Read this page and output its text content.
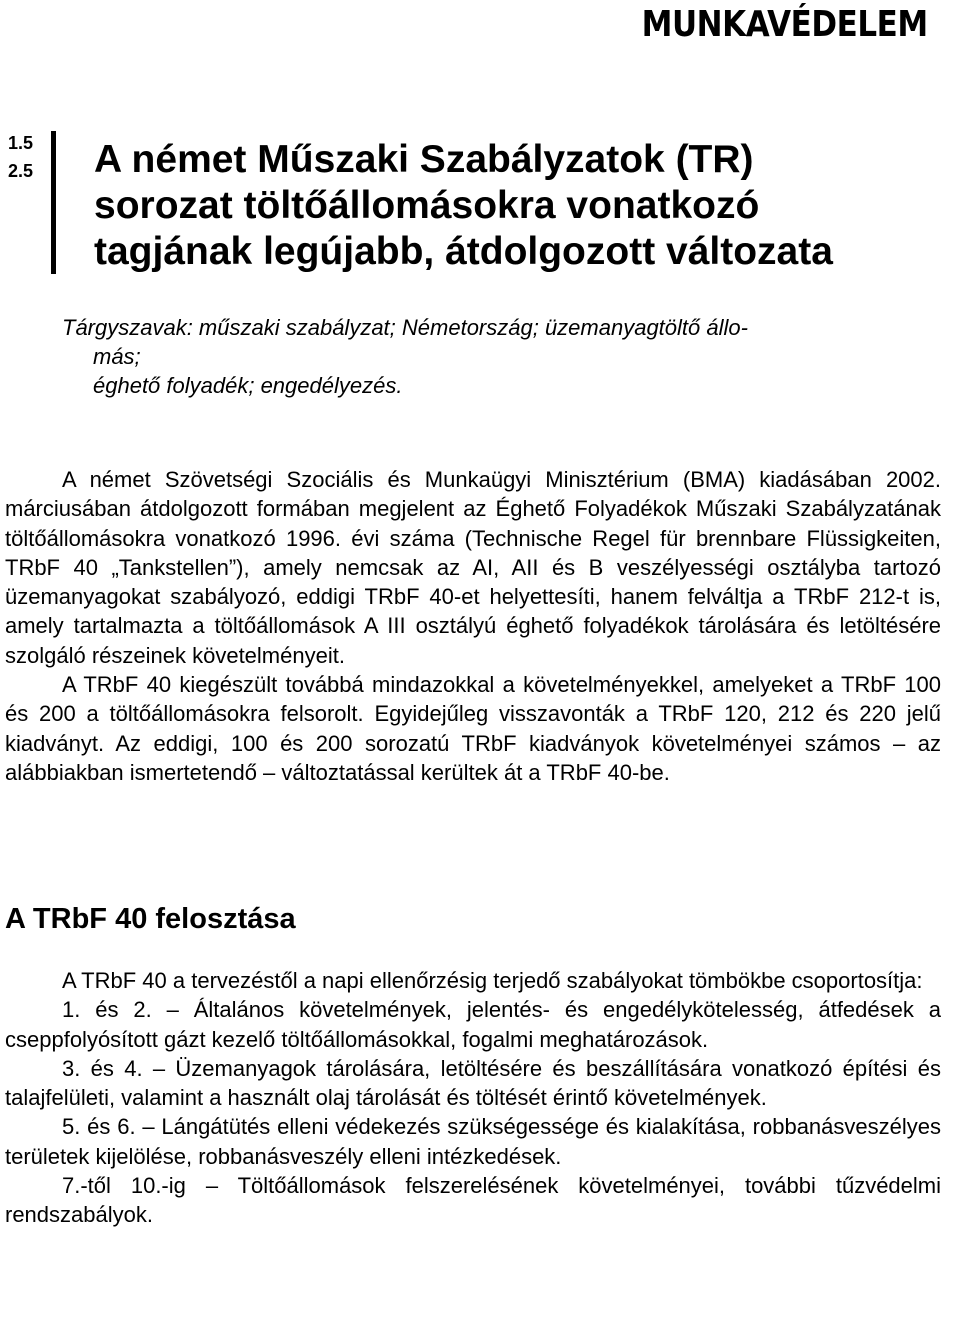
MUNKAVÉDELEM
1.5
2.5 A német Műszaki Szabályzatok (TR)
sorozat töltőállomásokra vonatkozó
tagjának legújabb, átdolgozott változata
Tárgyszavak: műszaki szabályzat; Németország; üzemanyagtöltő állo-
más;
éghető folyadék; engedélyezés.

A német Szövetségi Szociális és Munkaügyi Minisztérium (BMA) kiadásában 2002. márciusában átdolgozott formában megjelent az Éghető Folyadékok Műszaki Szabályzatának töltőállomásokra vonatkozó 1996. évi száma (Technische Regel für brennbare Flüssigkeiten, TRbF 40 „Tankstellen”), amely nemcsak az AI, AII és B veszélyességi osztályba tartozó üzemanyagokat szabályozó, eddigi TRbF 40-et helyettesíti, hanem felváltja a TRbF 212-t is, amely tartalmazta a töltőállomások A III osztályú éghető folyadékok tárolására és letöltésére szolgáló részeinek követelményeit.

A TRbF 40 kiegészült továbbá mindazokkal a követelményekkel, amelyeket a TRbF 100 és 200 a töltőállomásokra felsorolt. Egyidejűleg visszavonták a TRbF 120, 212 és 220 jelű kiadványt. Az eddigi, 100 és 200 sorozatú TRbF kiadványok követelményei számos – az alábbiakban ismertetendő – változtatással kerültek át a TRbF 40-be.

A TRbF 40 felosztása

A TRbF 40 a tervezéstől a napi ellenőrzésig terjedő szabályokat tömbökbe csoportosítja:

1. és 2. – Általános követelmények, jelentés- és engedélykötelesség, átfedések a cseppfolyósított gázt kezelő töltőállomásokkal, fogalmi meghatározások.

3. és 4. – Üzemanyagok tárolására, letöltésére és beszállítására vonatkozó építési és talajfelületi, valamint a használt olaj tárolását és töltését érintő követelmények.

5. és 6. – Lángátütés elleni védekezés szükségessége és kialakítása, robbanásveszélyes területek kijelölése, robbanásveszély elleni intézkedések.

7.-től 10.-ig – Töltőállomások felszerelésének követelményei, további tűzvédelmi rendszabályok.
